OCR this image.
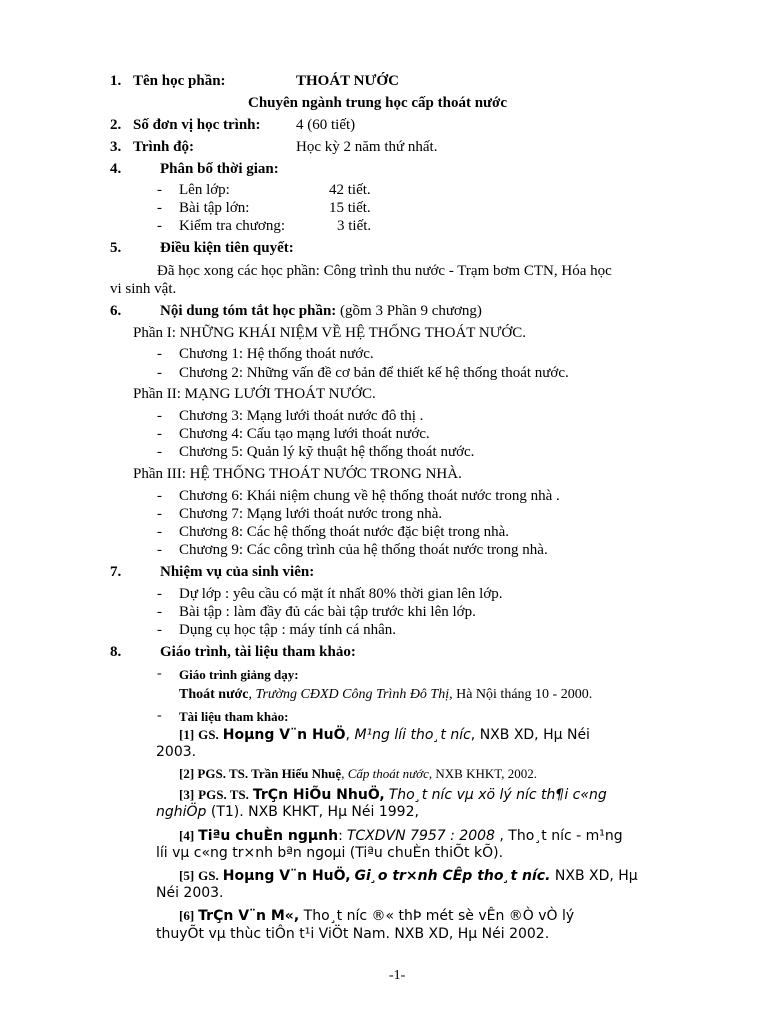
1. Tên học phần:	THOÁT NƯỚC
Chuyên ngành trung học cấp thoát nước
2. Số đơn vị học trình: 4 (60 tiết)
3. Trình độ:	Học kỳ 2 năm thứ nhất.
4.	Phân bố thời gian:
- Lên lớp:	42 tiết.
- Bài tập lớn:	15 tiết.
- Kiểm tra chương:	3 tiết.
5.	Điều kiện tiên quyết:
Đã học xong các học phần: Công trình thu nước - Trạm bơm CTN, Hóa học
vi sinh vật.
6.	Nội dung tóm tắt học phần: (gồm 3 Phần 9 chương)
Phần I: NHỮNG KHÁI NIỆM VỀ HỆ THỐNG THOÁT NƯỚC.
- Chương 1: Hệ thống thoát nước.
- Chương 2: Những vấn đề cơ bản để thiết kế hệ thống thoát nước.
Phần II: MẠNG LƯỚI THOÁT NƯỚC.
- Chương 3: Mạng lưới thoát nước đô thị .
- Chương 4: Cấu tạo mạng lưới thoát nước.
- Chương 5: Quản lý kỹ thuật hệ thống thoát nước.
Phần III: HỆ THỐNG THOÁT NƯỚC TRONG NHÀ.
- Chương 6: Khái niệm chung về hệ thống thoát nước trong nhà .
- Chương 7: Mạng lưới thoát nước trong nhà.
- Chương 8: Các hệ thống thoát nước đặc biệt trong nhà.
- Chương 9: Các công trình của hệ thống thoát nước trong nhà.
7.	Nhiệm vụ của sinh viên:
- Dự lớp : yêu cầu có mặt ít nhất 80% thời gian lên lớp.
- Bài tập : làm đầy đủ các bài tập trước khi lên lớp.
- Dụng cụ học tập : máy tính cá nhân.
8.	Giáo trình, tài liệu tham khảo:
- Giáo trình giảng dạy:
Thoát nước, Trường CĐXD Công Trình Đô Thị, Hà Nội tháng 10 - 2000.
- Tài liệu tham khảo:
[1] GS. Hoµng V¨n HuÖ, M¹ng líi tho¸t níc, NXB XD, Hµ Néi
2003.
[2] PGS. TS. Trần Hiếu Nhuệ, Cấp thoát nước, NXB KHKT, 2002.
[3] PGS. TS. TrÇn HiÕu NhuÖ, Tho¸t níc vµ xö lý níc th¶i c«ng
nghiÖp (T1). NXB KHKT, Hµ Néi 1992,
[4] Tiªu chuÈn ngµnh: TCXDVN 7957 : 2008 , Tho¸t níc - m¹ng
líi vµ c«ng tr×nh bªn ngoµi (Tiªu chuÈn thiÕt kÕ).
[5] GS. Hoµng V¨n HuÖ, Gi¸o tr×nh CÊp tho¸t níc. NXB XD, Hµ
Néi 2003.
[6] TrÇn V¨n M«, Tho¸t níc ®« thÞ mét sè vÊn ®Ò vÒ lý
thuyÕt vµ thùc tiÔn t¹i ViÖt Nam. NXB XD, Hµ Néi 2002.
-1-
